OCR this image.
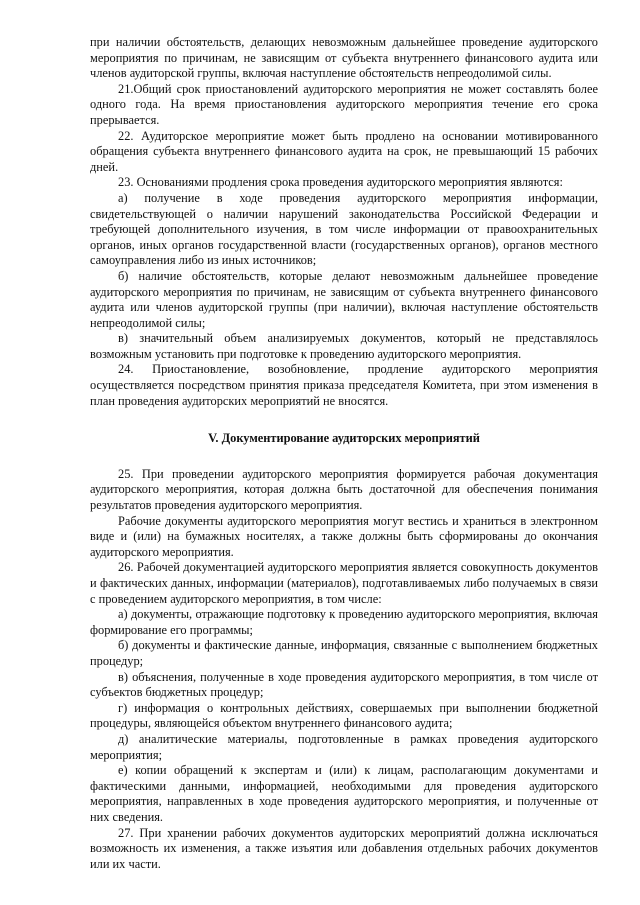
при наличии обстоятельств, делающих невозможным дальнейшее проведение аудиторского мероприятия по причинам, не зависящим от субъекта внутреннего финансового аудита или членов аудиторской группы, включая наступление обстоятельств непреодолимой силы.

21.Общий срок приостановлений аудиторского мероприятия не может составлять более одного года. На время приостановления аудиторского мероприятия течение его срока прерывается.

22. Аудиторское мероприятие может быть продлено на основании мотивированного обращения субъекта внутреннего финансового аудита на срок, не превышающий 15 рабочих дней.

23. Основаниями продления срока проведения аудиторского мероприятия являются:

а) получение в ходе проведения аудиторского мероприятия информации, свидетельствующей о наличии нарушений законодательства Российской Федерации и требующей дополнительного изучения, в том числе информации от правоохранительных органов, иных органов государственной власти (государственных органов), органов местного самоуправления либо из иных источников;

б) наличие обстоятельств, которые делают невозможным дальнейшее проведение аудиторского мероприятия по причинам, не зависящим от субъекта внутреннего финансового аудита или членов аудиторской группы (при наличии), включая наступление обстоятельств непреодолимой силы;

в) значительный объем анализируемых документов, который не представлялось возможным установить при подготовке к проведению аудиторского мероприятия.

24. Приостановление, возобновление, продление аудиторского мероприятия осуществляется посредством принятия приказа председателя Комитета, при этом изменения в план проведения аудиторских мероприятий не вносятся.

V. Документирование аудиторских мероприятий

25. При проведении аудиторского мероприятия формируется рабочая документация аудиторского мероприятия, которая должна быть достаточной для обеспечения понимания результатов проведения аудиторского мероприятия.

Рабочие документы аудиторского мероприятия могут вестись и храниться в электронном виде и (или) на бумажных носителях, а также должны быть сформированы до окончания аудиторского мероприятия.

26. Рабочей документацией аудиторского мероприятия является совокупность документов и фактических данных, информации (материалов), подготавливаемых либо получаемых в связи с проведением аудиторского мероприятия, в том числе:

а) документы, отражающие подготовку к проведению аудиторского мероприятия, включая формирование его программы;

б) документы и фактические данные, информация, связанные с выполнением бюджетных процедур;

в) объяснения, полученные в ходе проведения аудиторского мероприятия, в том числе от субъектов бюджетных процедур;

г) информация о контрольных действиях, совершаемых при выполнении бюджетной процедуры, являющейся объектом внутреннего финансового аудита;

д) аналитические материалы, подготовленные в рамках проведения аудиторского мероприятия;

е) копии обращений к экспертам и (или) к лицам, располагающим документами и фактическими данными, информацией, необходимыми для проведения аудиторского мероприятия, направленных в ходе проведения аудиторского мероприятия, и полученные от них сведения.

27. При хранении рабочих документов аудиторских мероприятий должна исключаться возможность их изменения, а также изъятия или добавления отдельных рабочих документов или их части.
